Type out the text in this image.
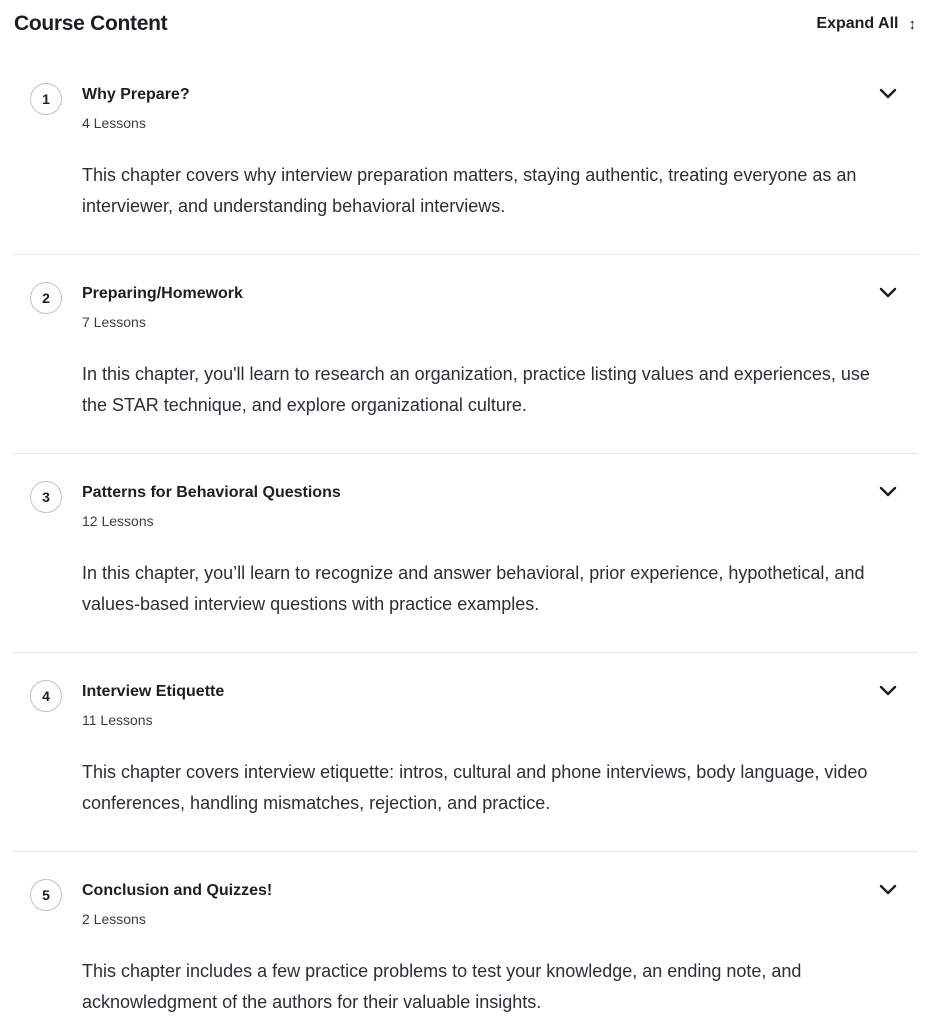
Course Content	Expand All ↕
1	Why Prepare?
4 Lessons
This chapter covers why interview preparation matters, staying authentic, treating everyone as an interviewer, and understanding behavioral interviews.
2	Preparing/Homework
7 Lessons
In this chapter, you'll learn to research an organization, practice listing values and experiences, use the STAR technique, and explore organizational culture.
3	Patterns for Behavioral Questions
12 Lessons
In this chapter, you’ll learn to recognize and answer behavioral, prior experience, hypothetical, and values-based interview questions with practice examples.
4	Interview Etiquette
11 Lessons
This chapter covers interview etiquette: intros, cultural and phone interviews, body language, video conferences, handling mismatches, rejection, and practice.
5	Conclusion and Quizzes!
2 Lessons
This chapter includes a few practice problems to test your knowledge, an ending note, and acknowledgment of the authors for their valuable insights.
